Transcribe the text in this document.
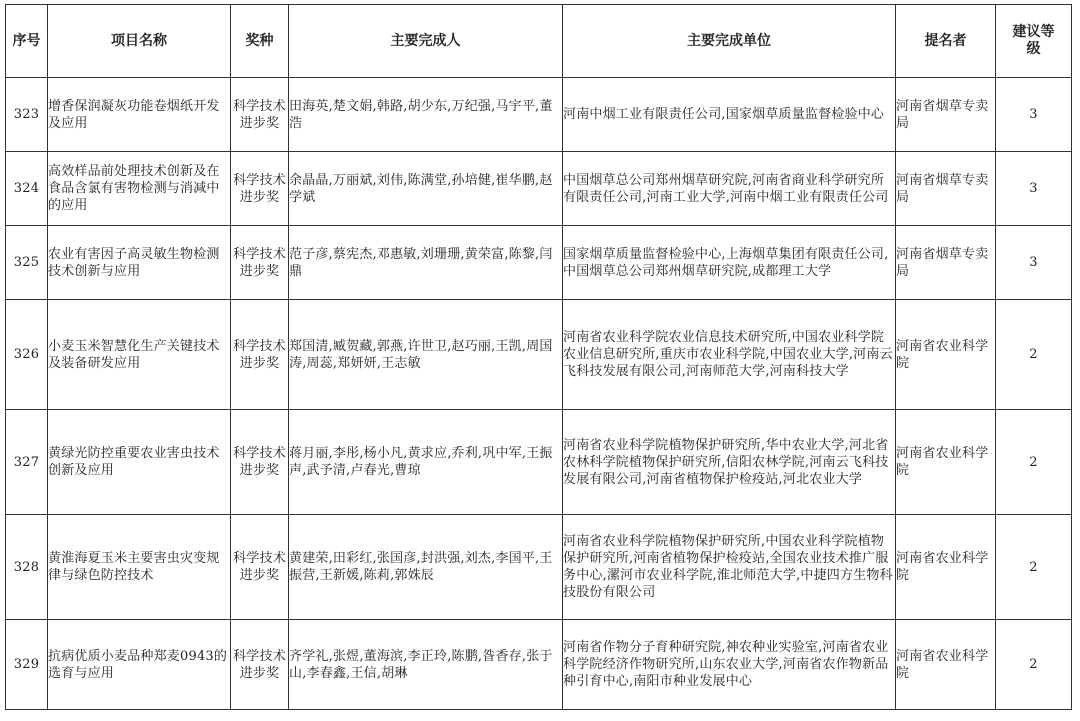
序号	项目名称	奖种	主要完成人	主要完成单位	提名者	建议等级
323	增香保润凝灰功能卷烟纸开发及应用	科学技术进步奖	田海英,楚文娟,韩路,胡少东,万纪强,马宇平,董浩	河南中烟工业有限责任公司,国家烟草质量监督检验中心	河南省烟草专卖局	3
324	高效样品前处理技术创新及在食品含氯有害物检测与消减中的应用	科学技术进步奖	余晶晶,万丽斌,刘伟,陈满堂,孙培健,崔华鹏,赵学斌	中国烟草总公司郑州烟草研究院,河南省商业科学研究所有限责任公司,河南工业大学,河南中烟工业有限责任公司	河南省烟草专卖局	3
325	农业有害因子高灵敏生物检测技术创新与应用	科学技术进步奖	范子彦,蔡宪杰,邓惠敏,刘珊珊,黄荣富,陈黎,闫鼎	国家烟草质量监督检验中心,上海烟草集团有限责任公司,中国烟草总公司郑州烟草研究院,成都理工大学	河南省烟草专卖局	3
326	小麦玉米智慧化生产关键技术及装备研发应用	科学技术进步奖	郑国清,臧贺藏,郭燕,许世卫,赵巧丽,王凯,周国涛,周蕊,郑妍妍,王志敏	河南省农业科学院农业信息技术研究所,中国农业科学院农业信息研究所,重庆市农业科学院,中国农业大学,河南云飞科技发展有限公司,河南师范大学,河南科技大学	河南省农业科学院	2
327	黄绿光防控重要农业害虫技术创新及应用	科学技术进步奖	蒋月丽,李彤,杨小凡,黄求应,乔利,巩中军,王振声,武予清,卢春光,曹琼	河南省农业科学院植物保护研究所,华中农业大学,河北省农林科学院植物保护研究所,信阳农林学院,河南云飞科技发展有限公司,河南省植物保护检疫站,河北农业大学	河南省农业科学院	2
328	黄淮海夏玉米主要害虫灾变规律与绿色防控技术	科学技术进步奖	黄建荣,田彩红,张国彦,封洪强,刘杰,李国平,王振营,王新媛,陈莉,郭姝辰	河南省农业科学院植物保护研究所,中国农业科学院植物保护研究所,河南省植物保护检疫站,全国农业技术推广服务中心,漯河市农业科学院,淮北师范大学,中捷四方生物科技股份有限公司	河南省农业科学院	2
329	抗病优质小麦品种郑麦0943的选育与应用	科学技术进步奖	齐学礼,张煜,董海滨,李正玲,陈鹏,昝香存,张于山,李春鑫,王信,胡琳	河南省作物分子育种研究院,神农种业实验室,河南省农业科学院经济作物研究所,山东农业大学,河南省农作物新品种引育中心,南阳市种业发展中心	河南省农业科学院	2
